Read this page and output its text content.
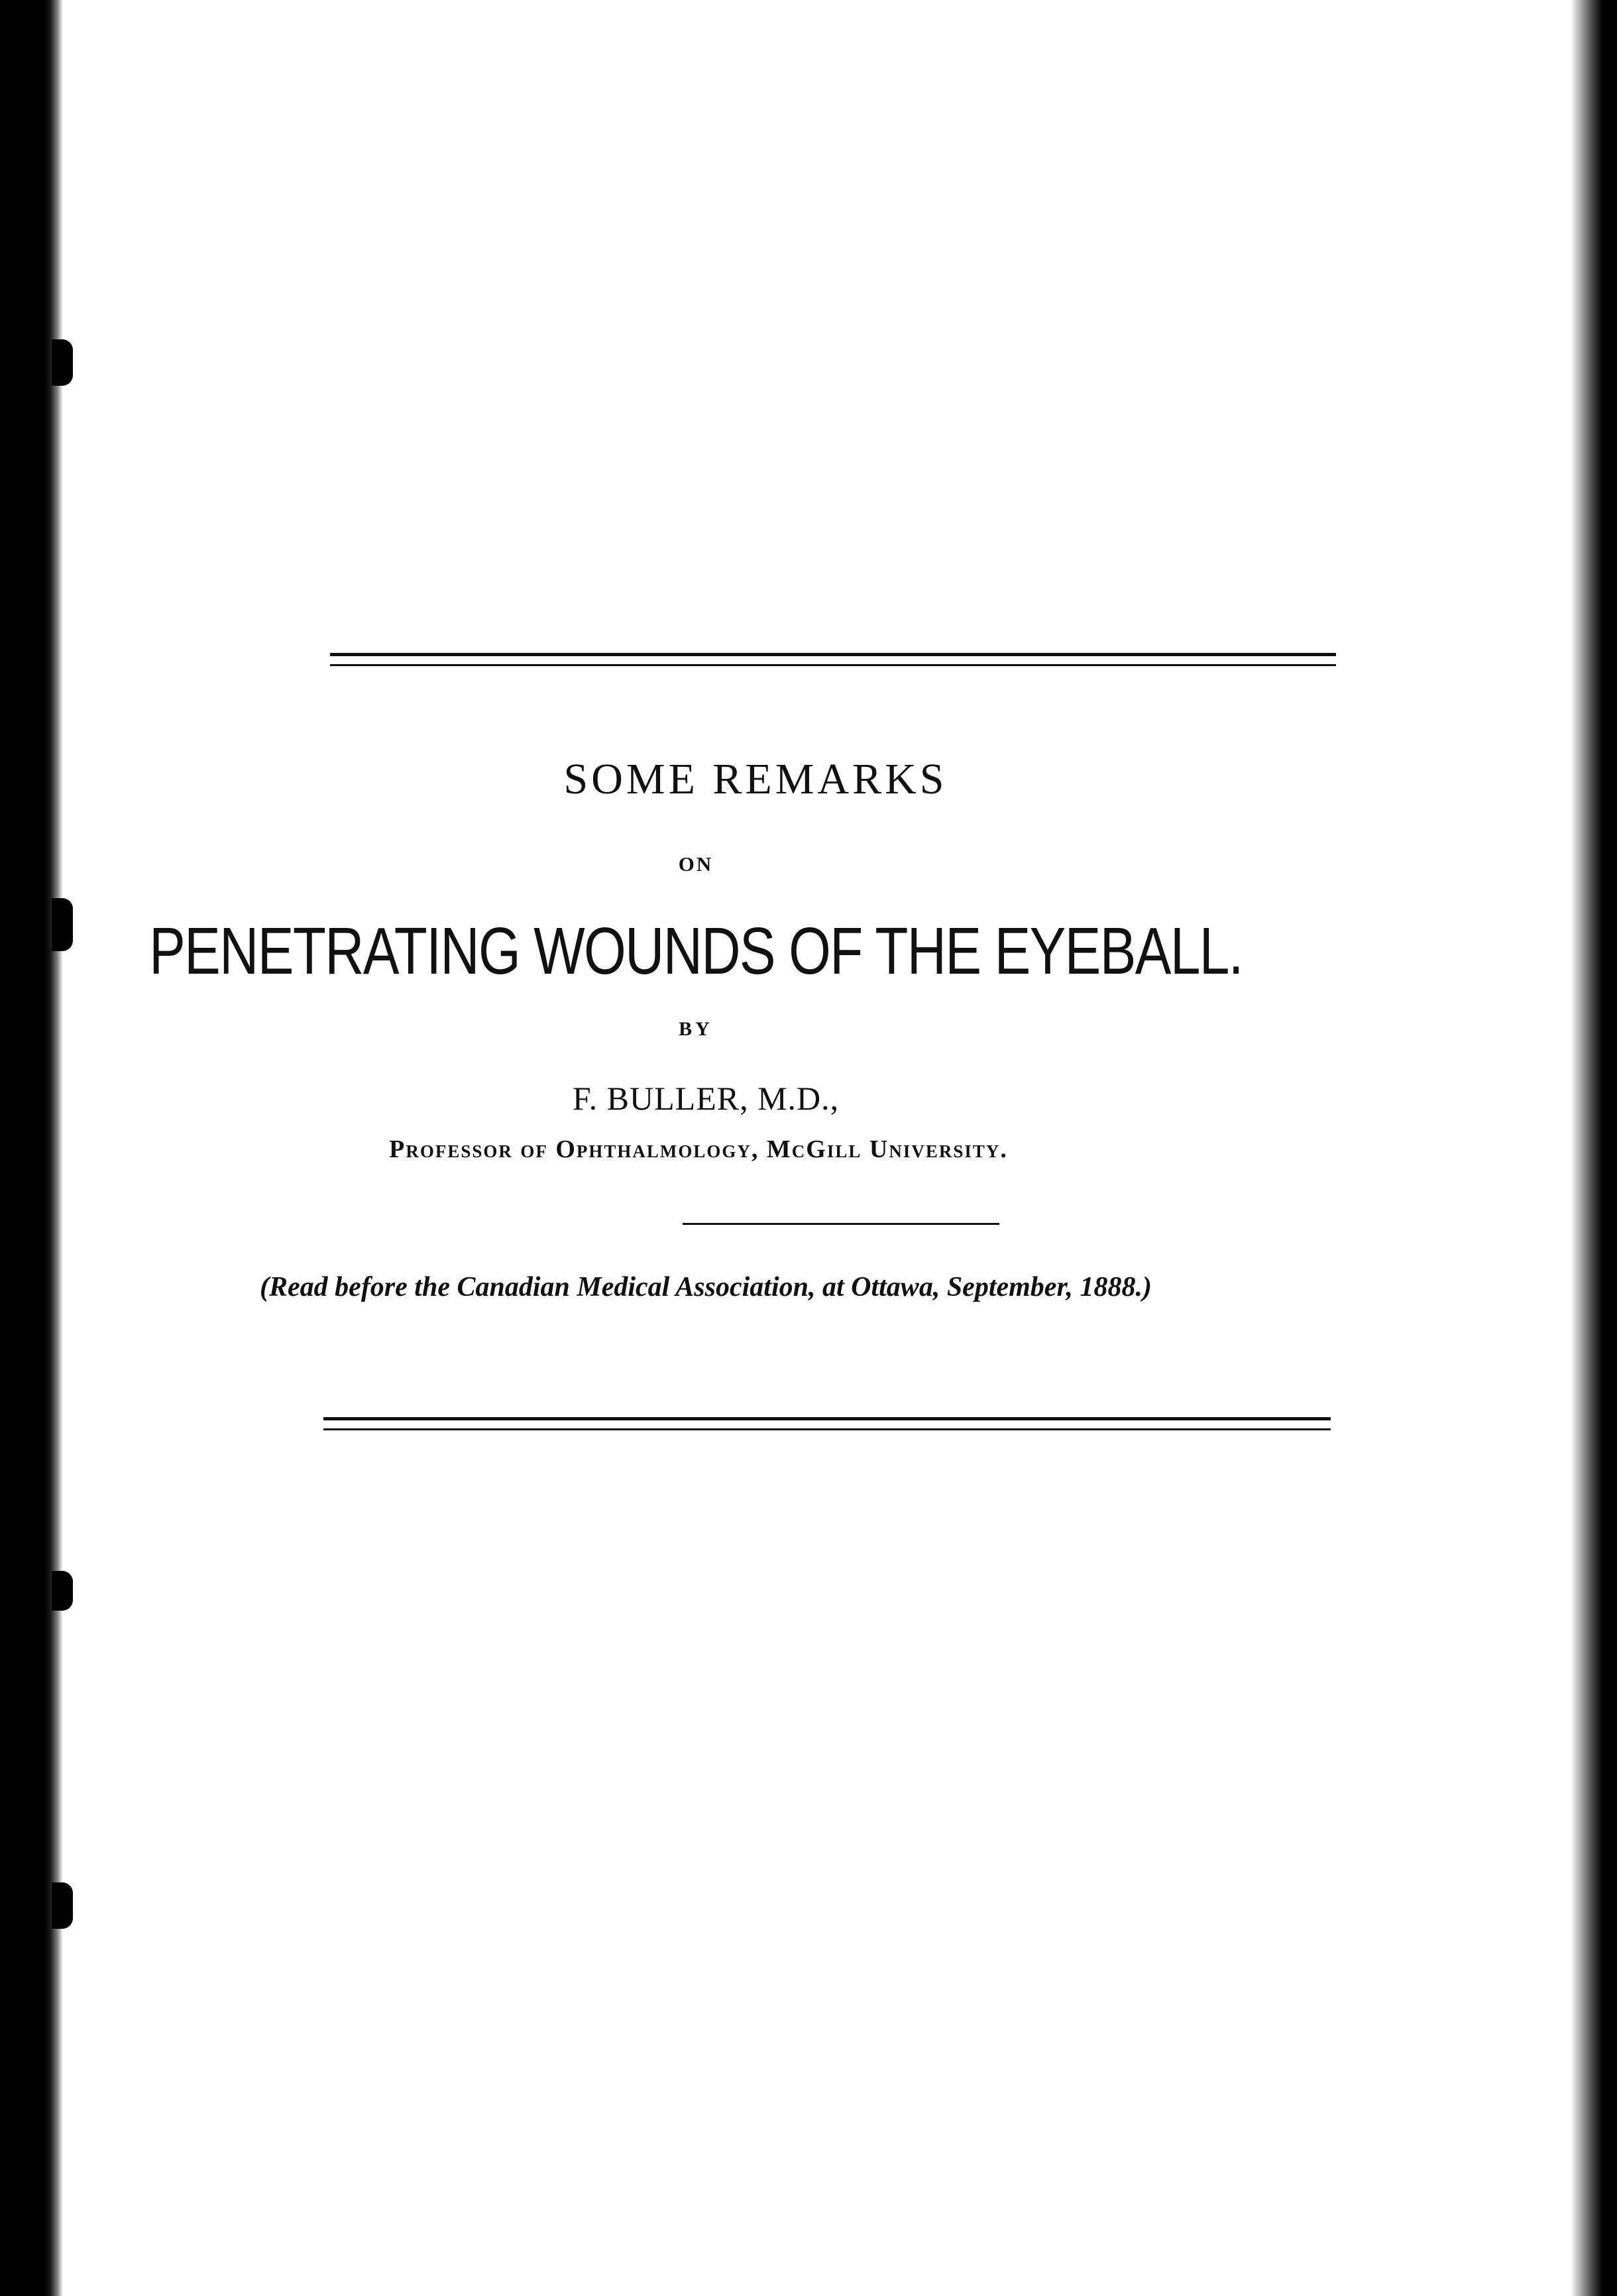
SOME REMARKS
ON
PENETRATING WOUNDS OF THE EYEBALL.
BY
F. BULLER, M.D.,
Professor of Ophthalmology, McGill University.
(Read before the Canadian Medical Association, at Ottawa, September, 1888.)
